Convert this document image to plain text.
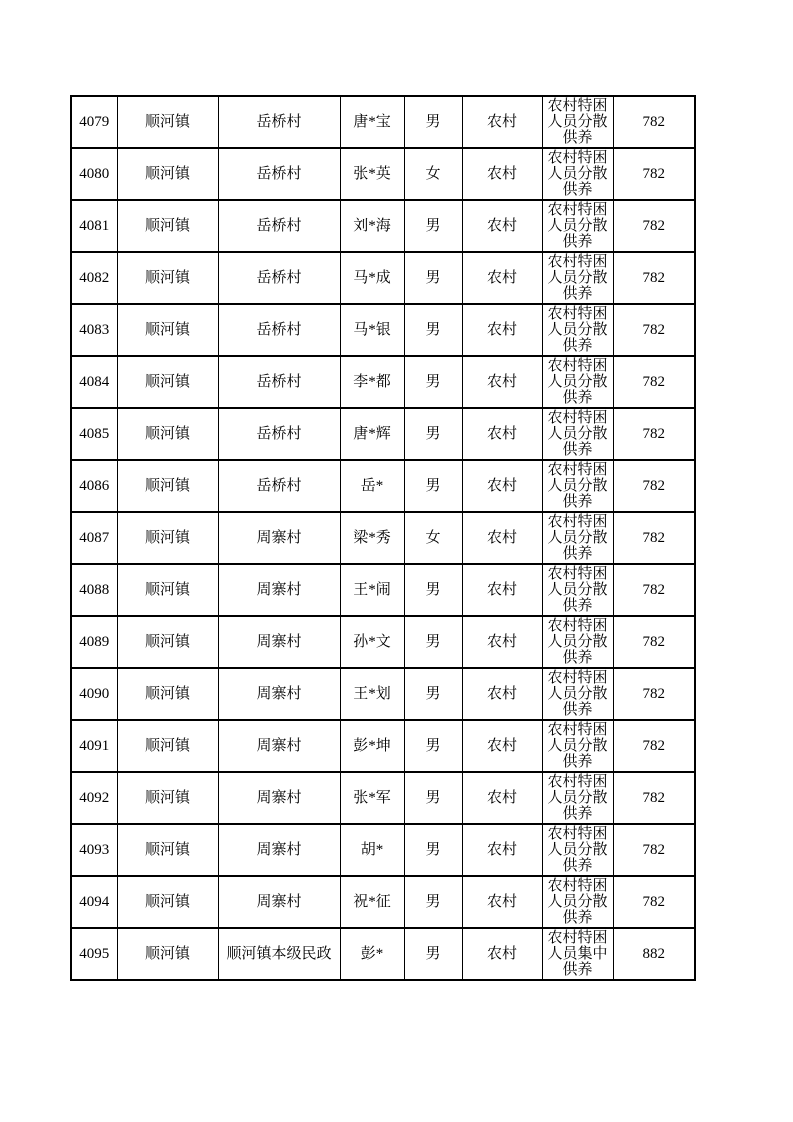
4079	顺河镇	岳桥村	唐*宝	男	农村	农村特困人员分散供养	782
4080	顺河镇	岳桥村	张*英	女	农村	农村特困人员分散供养	782
4081	顺河镇	岳桥村	刘*海	男	农村	农村特困人员分散供养	782
4082	顺河镇	岳桥村	马*成	男	农村	农村特困人员分散供养	782
4083	顺河镇	岳桥村	马*银	男	农村	农村特困人员分散供养	782
4084	顺河镇	岳桥村	李*都	男	农村	农村特困人员分散供养	782
4085	顺河镇	岳桥村	唐*辉	男	农村	农村特困人员分散供养	782
4086	顺河镇	岳桥村	岳*	男	农村	农村特困人员分散供养	782
4087	顺河镇	周寨村	梁*秀	女	农村	农村特困人员分散供养	782
4088	顺河镇	周寨村	王*闹	男	农村	农村特困人员分散供养	782
4089	顺河镇	周寨村	孙*文	男	农村	农村特困人员分散供养	782
4090	顺河镇	周寨村	王*划	男	农村	农村特困人员分散供养	782
4091	顺河镇	周寨村	彭*坤	男	农村	农村特困人员分散供养	782
4092	顺河镇	周寨村	张*军	男	农村	农村特困人员分散供养	782
4093	顺河镇	周寨村	胡*	男	农村	农村特困人员分散供养	782
4094	顺河镇	周寨村	祝*征	男	农村	农村特困人员分散供养	782
4095	顺河镇	顺河镇本级民政	彭*	男	农村	农村特困人员集中供养	882
